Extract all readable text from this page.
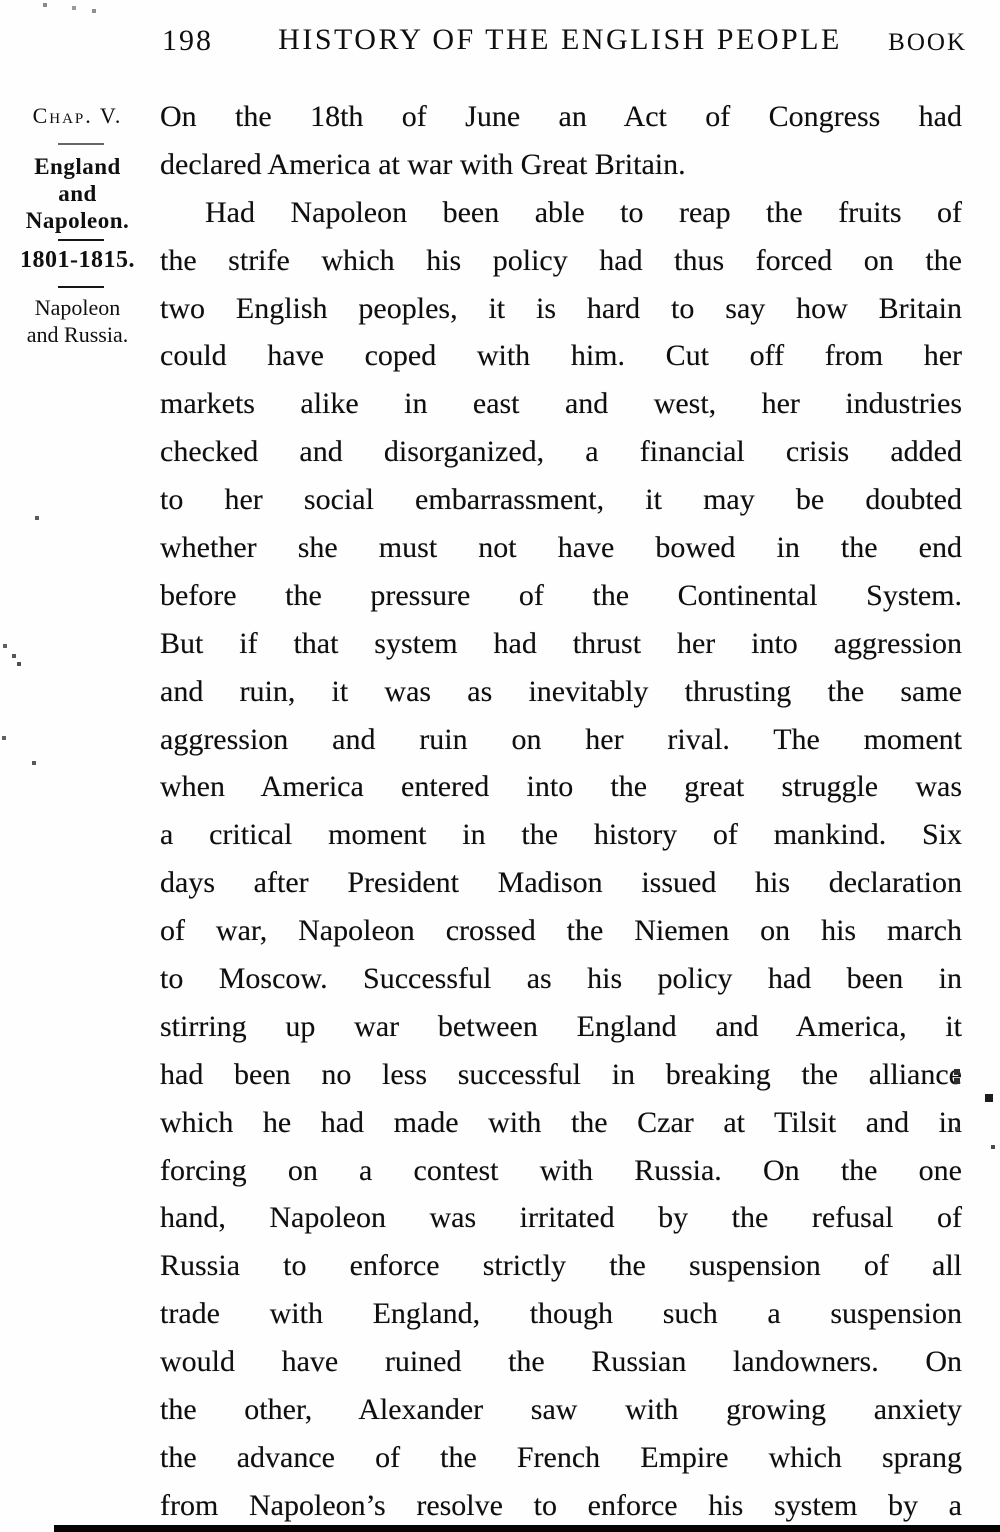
198	HISTORY OF THE ENGLISH PEOPLE	BOOK
Chap. V.
England
and
Napoleon.
1801-1815.
Napoleon
and Russia.
On the 18th of June an Act of Congress had
declared America at war with Great Britain.
Had Napoleon been able to reap the fruits of
the strife which his policy had thus forced on the
two English peoples, it is hard to say how Britain
could have coped with him. Cut off from her
markets alike in east and west, her industries
checked and disorganized, a financial crisis added
to her social embarrassment, it may be doubted
whether she must not have bowed in the end
before the pressure of the Continental System.
But if that system had thrust her into aggression
and ruin, it was as inevitably thrusting the same
aggression and ruin on her rival. The moment
when America entered into the great struggle was
a critical moment in the history of mankind. Six
days after President Madison issued his declaration
of war, Napoleon crossed the Niemen on his march
to Moscow. Successful as his policy had been in
stirring up war between England and America, it
had been no less successful in breaking the alliance
which he had made with the Czar at Tilsit and in
forcing on a contest with Russia. On the one
hand, Napoleon was irritated by the refusal of
Russia to enforce strictly the suspension of all
trade with England, though such a suspension
would have ruined the Russian landowners. On
the other, Alexander saw with growing anxiety
the advance of the French Empire which sprang
from Napoleon’s resolve to enforce his system by a
